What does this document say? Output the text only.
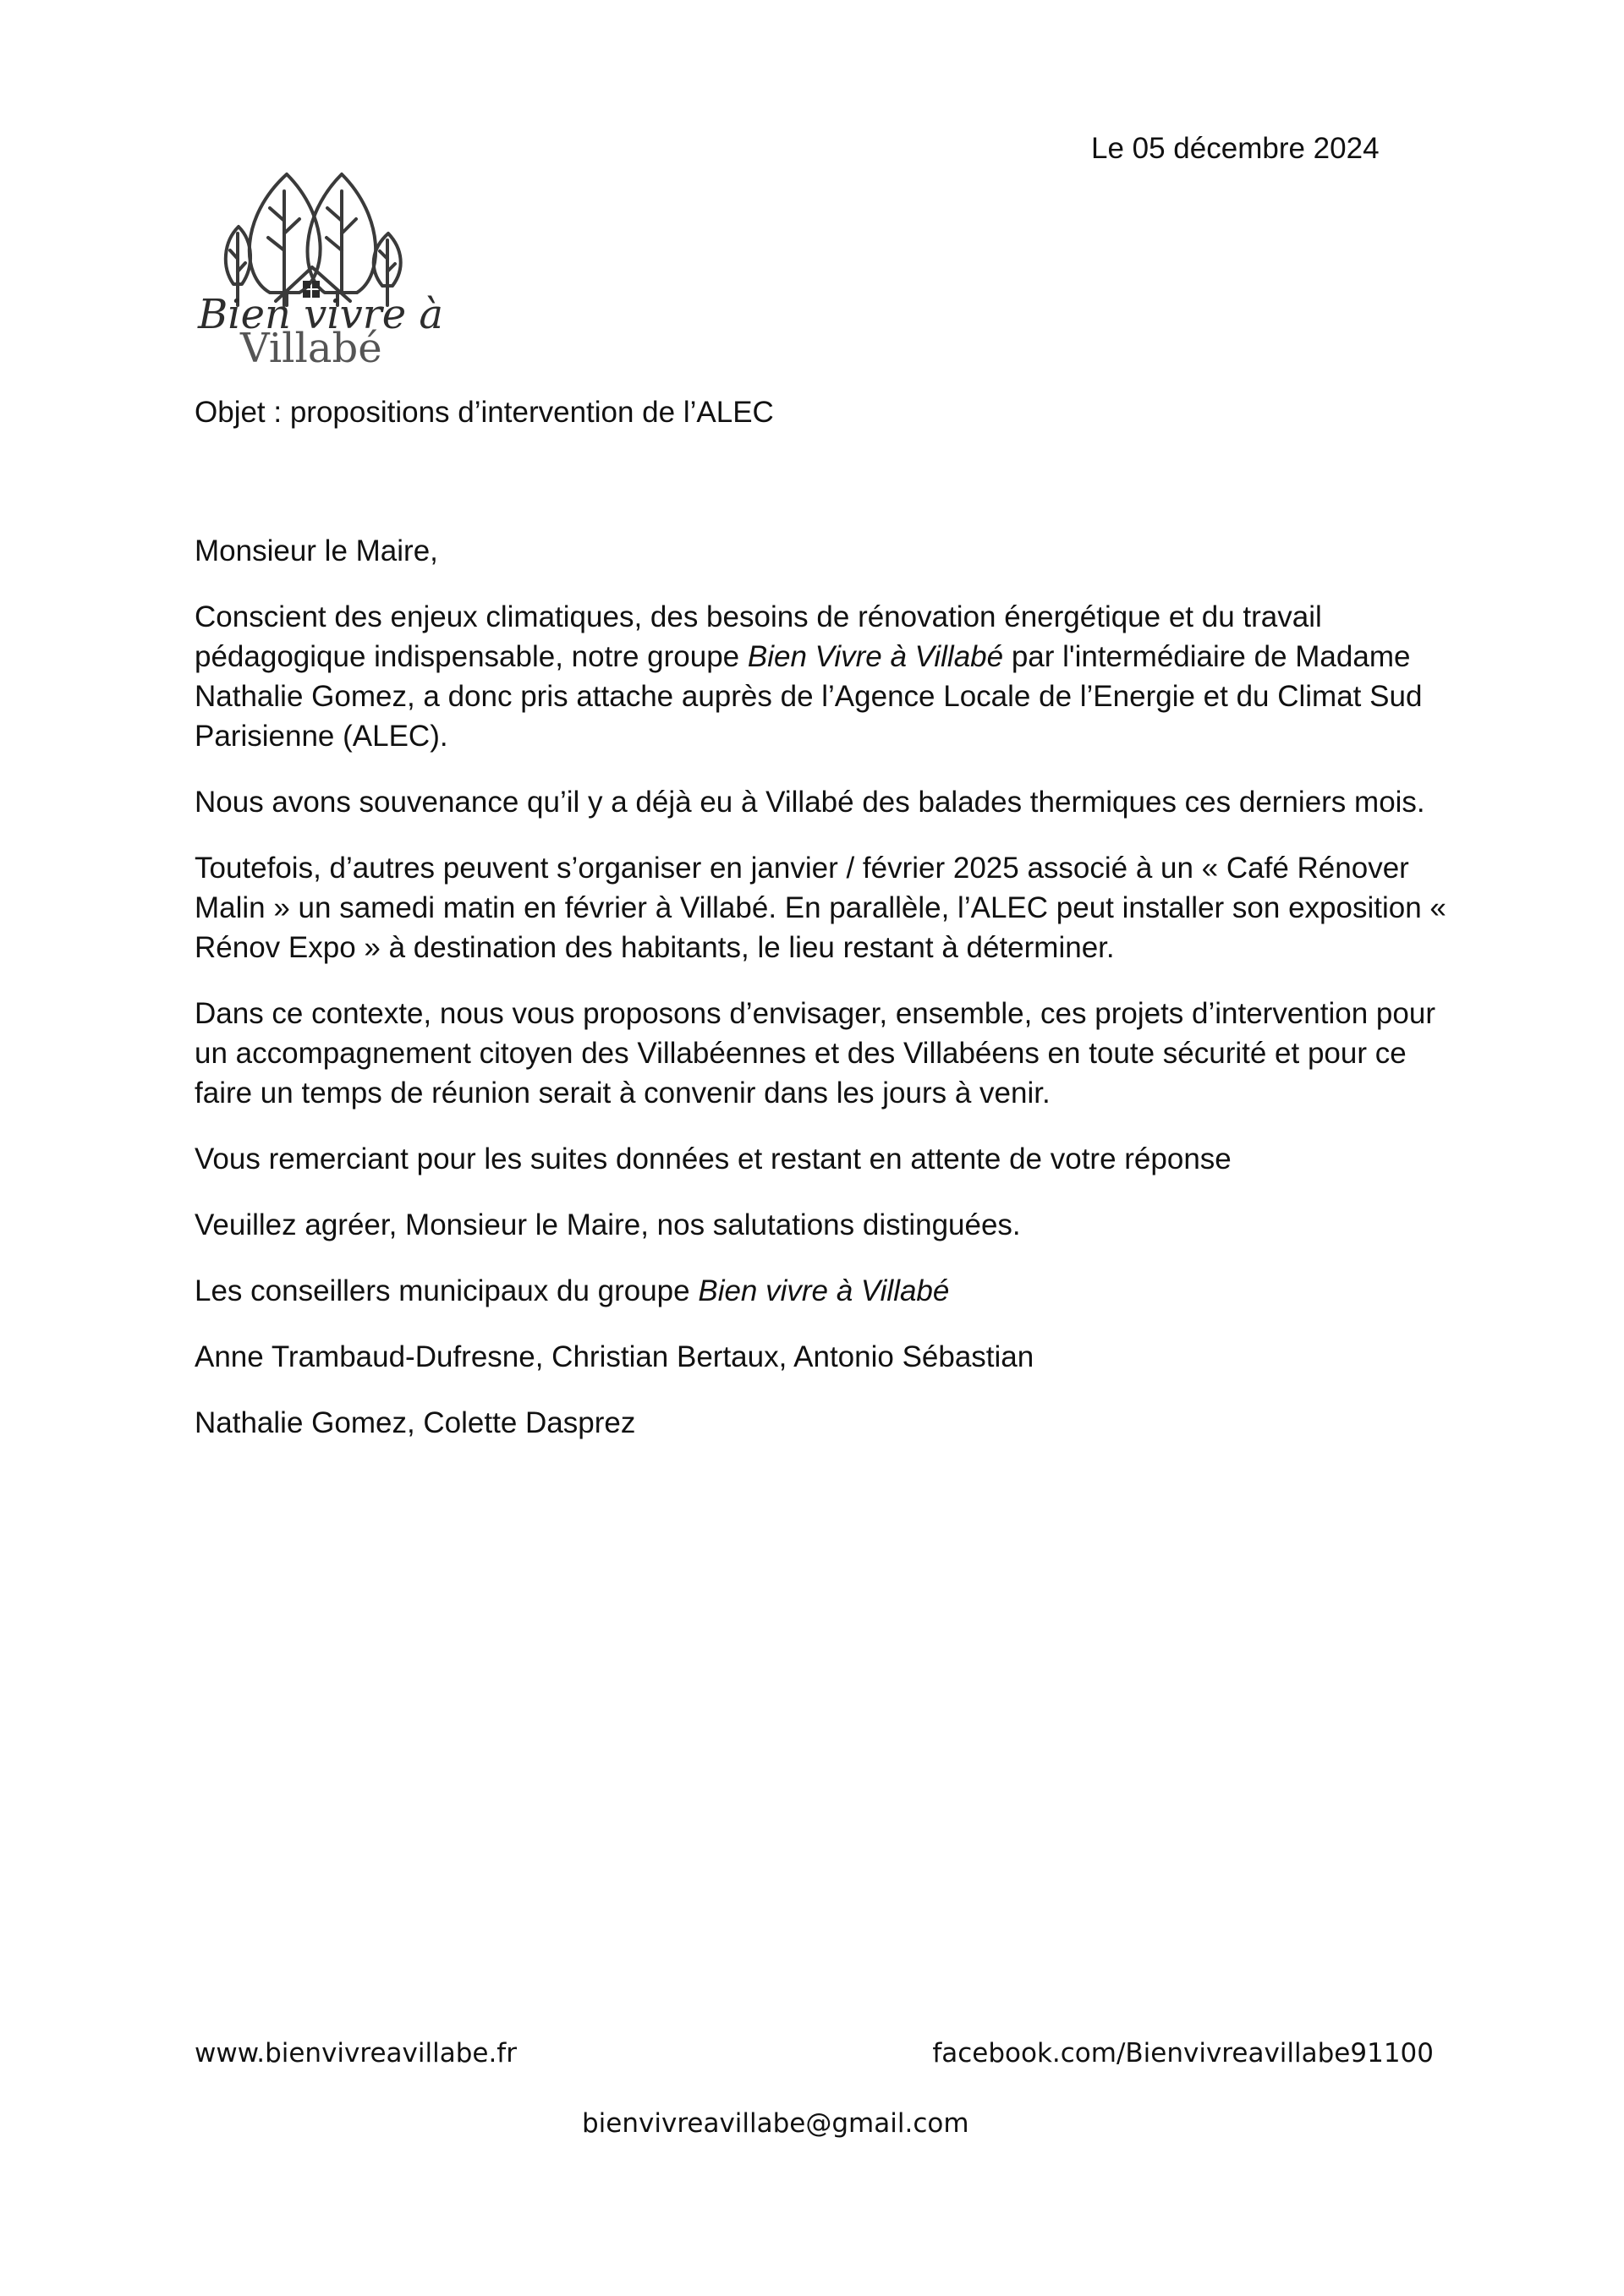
Bien vivre à
Villabé
Le 05 décembre 2024
Objet : propositions d’intervention de l’ALEC

Monsieur le Maire,

Conscient des enjeux climatiques, des besoins de rénovation énergétique et du travail pédagogique indispensable, notre groupe Bien Vivre à Villabé par l'intermédiaire de Madame Nathalie Gomez, a donc pris attache auprès de l’Agence Locale de l’Energie et du Climat Sud Parisienne (ALEC).

Nous avons souvenance qu’il y a déjà eu à Villabé des balades thermiques ces derniers mois.

Toutefois, d’autres peuvent s’organiser en janvier / février 2025 associé à un « Café Rénover Malin » un samedi matin en février à Villabé. En parallèle, l’ALEC peut installer son exposition « Rénov Expo » à destination des habitants, le lieu restant à déterminer.

Dans ce contexte, nous vous proposons d’envisager, ensemble, ces projets d’intervention pour un accompagnement citoyen des Villabéennes et des Villabéens en toute sécurité et pour ce faire un temps de réunion serait à convenir dans les jours à venir.

Vous remerciant pour les suites données et restant en attente de votre réponse

Veuillez agréer, Monsieur le Maire, nos salutations distinguées.

Les conseillers municipaux du groupe Bien vivre à Villabé

Anne Trambaud-Dufresne, Christian Bertaux, Antonio Sébastian

Nathalie Gomez, Colette Dasprez

www.bienvivreavillabe.fr	facebook.com/Bienvivreavillabe91100
bienvivreavillabe@gmail.com
